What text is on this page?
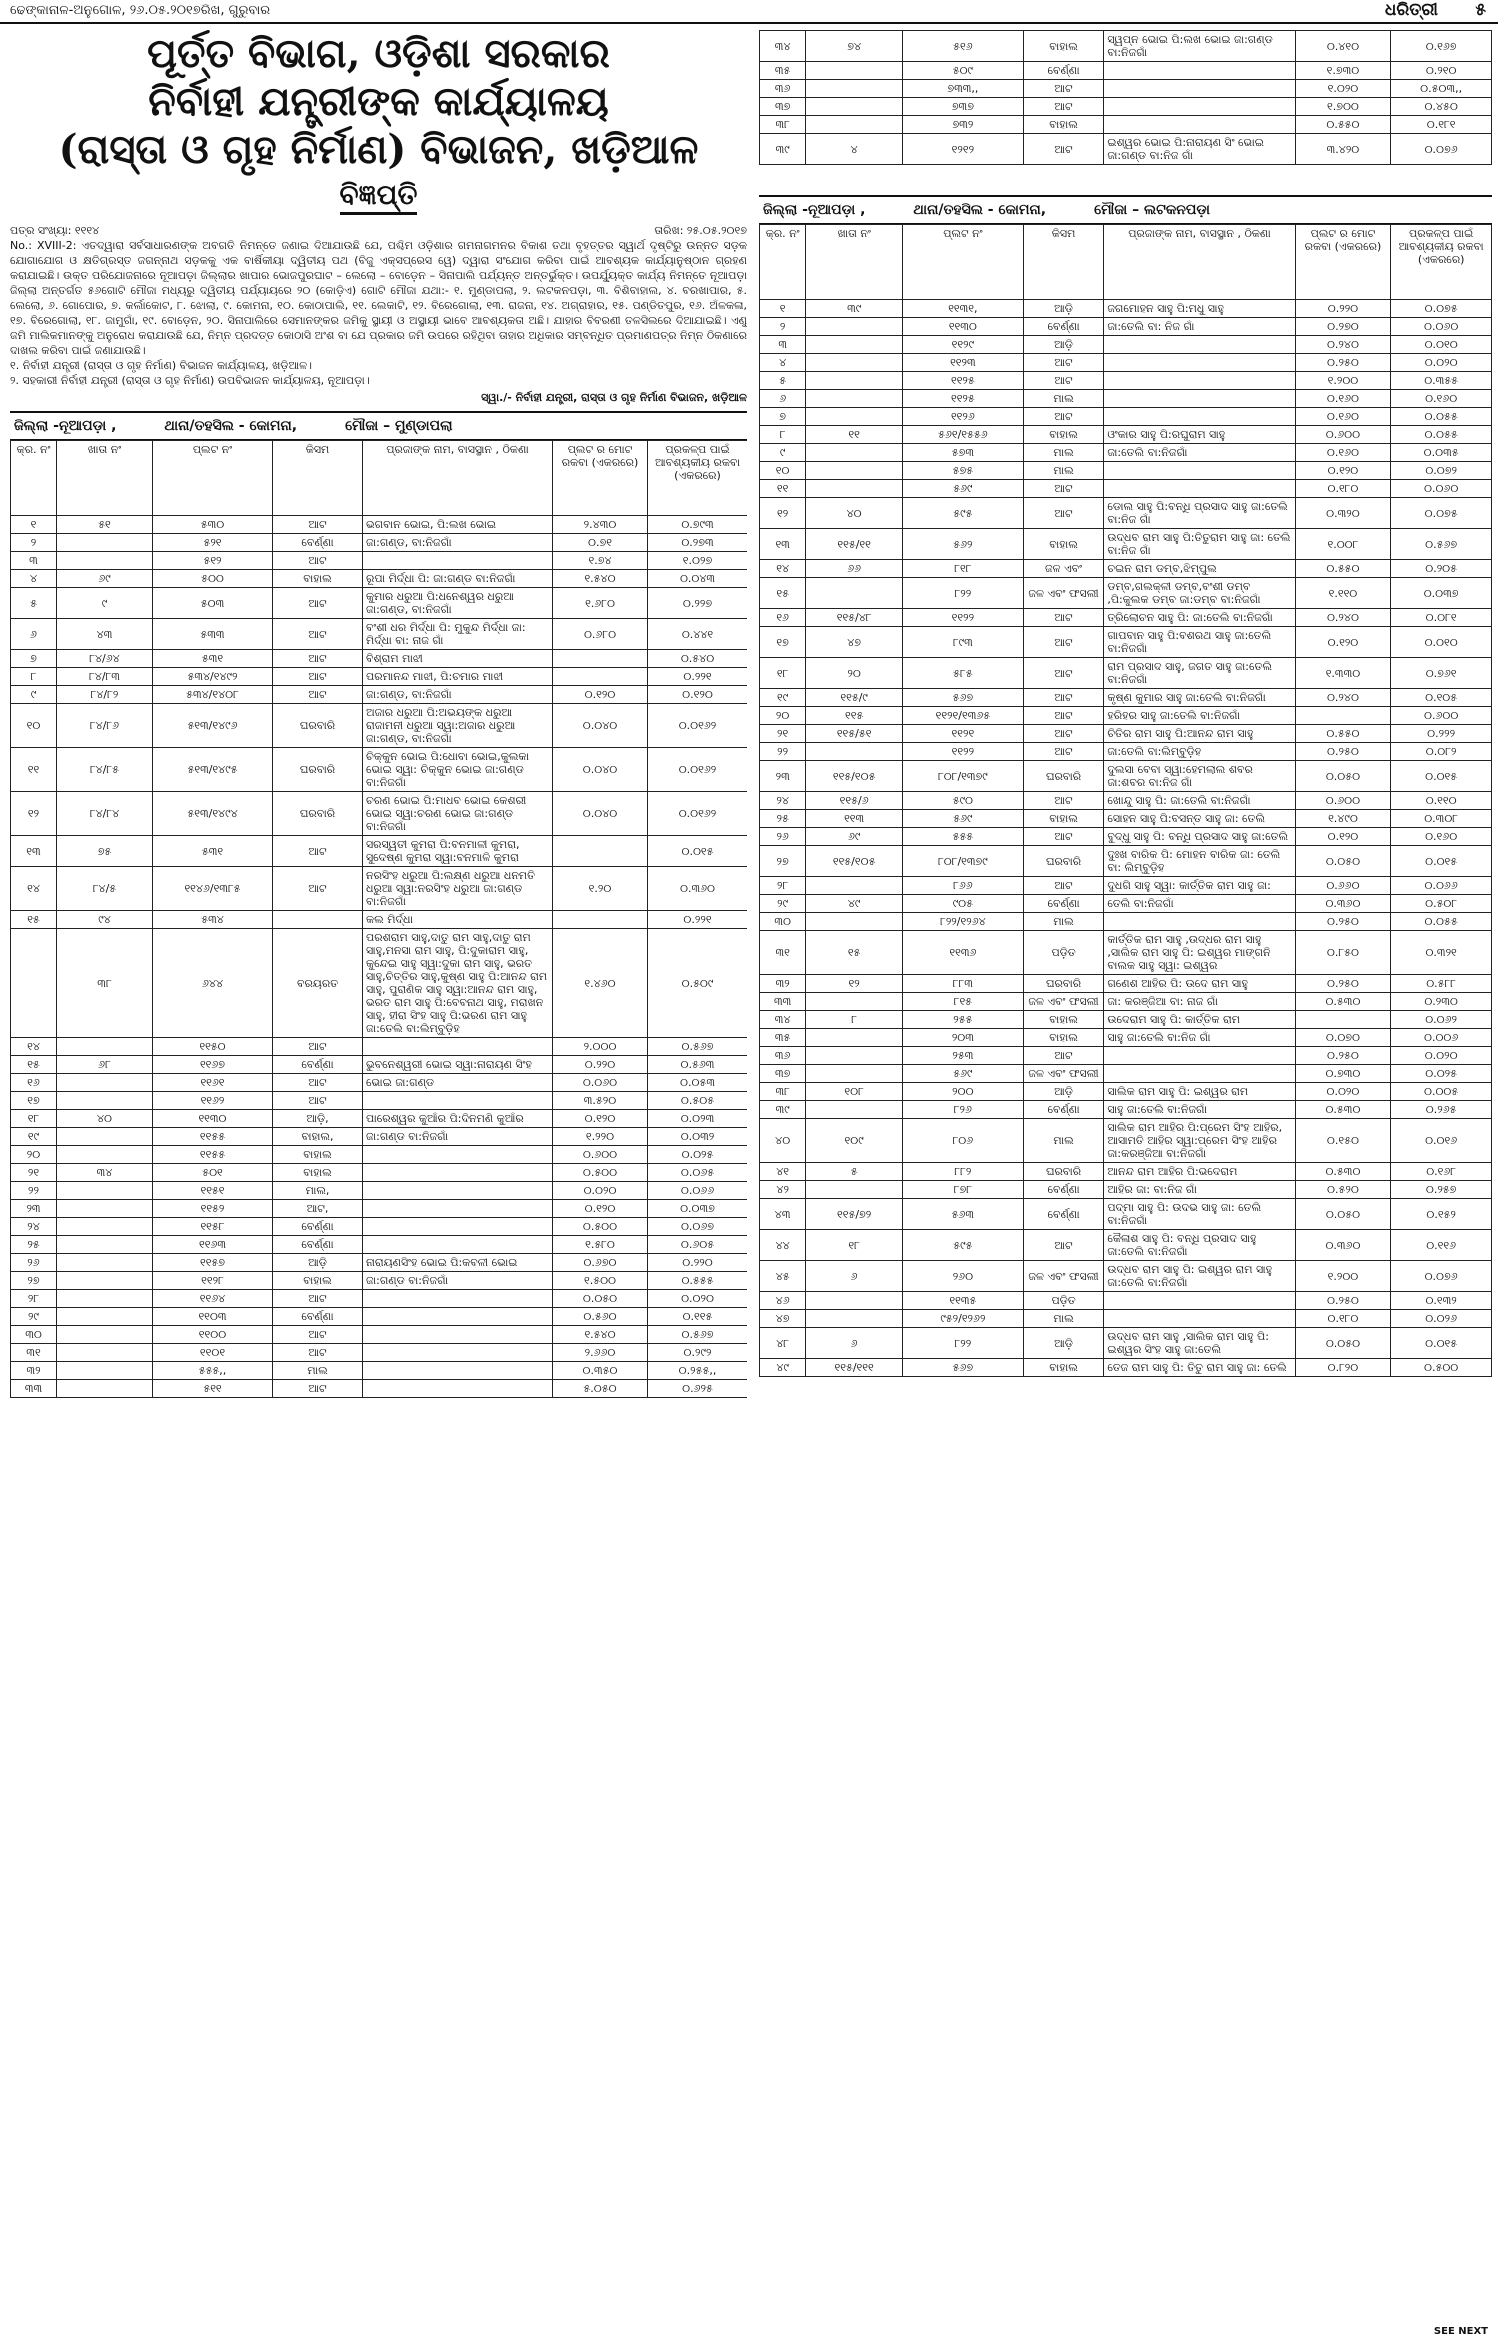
ଢେଙ୍କାନାଳ-ଅନୁଗୋଳ, ୨୬.୦୫.୨୦୧୭ରିଖ, ଗୁରୁବାର	ଧରିତ୍ରୀ ୫
ପୂର୍ତ୍ତ ବିଭାଗ, ଓଡ଼ିଶା ସରକାର
ନିର୍ବାହୀ ଯନ୍ତ୍ରୀଙ୍କ କାର୍ଯ୍ୟାଳୟ
(ରାସ୍ତା ଓ ଗୃହ ନିର୍ମାଣ) ବିଭାଜନ, ଖଡ଼ିଆଳ
ବିଜ୍ଞପ୍ତି
ପତ୍ର ସଂଖ୍ୟା: ୧୧୧୪	ତାରିଖ: ୨୫.୦୫.୨୦୧୭
No.: XVIII-2: ଏତଦ୍ୱାରା ସର୍ବସାଧାରଣଙ୍କ ଅବଗତି ନିମନ୍ତେ ଜଣାଇ ଦିଆଯାଉଛି ଯେ, ପଶ୍ଚିମ ଓଡ଼ିଶାର ଗମନାଗମନର ବିକାଶ ତଥା ବୃହତ୍ତର ସ୍ୱାର୍ଥ ଦୃଷ୍ଟିରୁ ଉନ୍ନତ ସଡ଼କ ଯୋଗାଯୋଗ ଓ କ୍ଷତିଗ୍ରସ୍ତ ଜଗନ୍ନାଥ ସଡ଼କକୁ ଏକ ବାର୍ଷିକୀୟା ଦ୍ୱିତୀୟ ପଥ (ବିଜୁ ଏକ୍ସପ୍ରେସ ୱେ) ଦ୍ୱାରା ସଂଯୋଗ କରିବା ପାଇଁ ଆବଶ୍ୟକ କାର୍ଯ୍ୟାନୁଷ୍ଠାନ ଗ୍ରହଣ କରାଯାଇଛି। ଉକ୍ତ ପରିଯୋଜନାରେ ନୂଆପଡ଼ା ଜିଲ୍ଲାର ଖାପାର ଭୋଜପୁରଘାଟ – ଲେଲୋ – ବୋଡ଼େନ – ସିନାପାଲି ପର୍ଯ୍ୟନ୍ତ ଅନ୍ତର୍ଭୁକ୍ତ। ଉପର୍ଯ୍ୟୁକ୍ତ କାର୍ଯ୍ୟ ନିମନ୍ତେ ନୂଆପଡ଼ା ଜିଲ୍ଲା ଅନ୍ତର୍ଗତ ୫୬ଗୋଟି ମୌଜା ମଧ୍ୟରୁ ଦ୍ୱିତୀୟ ପର୍ଯ୍ୟାୟରେ ୨୦ (କୋଡ଼ିଏ) ଗୋଟି ମୌଜା ଯଥା:- ୧. ମୁଣ୍ଡାପଲା, ୨. ଲଟକନପଡ଼ା, ୩. ବିଶିବାହାଲ, ୪. ବରଖାପାର, ୫. ଲେଲୋ, ୬. ଗୋପୋର, ୭. କର୍ଲାକୋଟ, ୮. ଝୋଲା, ୯. କୋମନା, ୧୦. କୋଠାପାଲି, ୧୧. ଲେକାଟି, ୧୨. ବିରେଗୋଲା, ୧୩. ରାଜନା, ୧୪. ଅଗ୍ରାହାର, ୧୫. ପଣ୍ଡିତପୁର, ୧୬. ଅଁଳକଳା, ୧୭. ବିରେଗୋଲା, ୧୮. ଜାମୁଗାଁ, ୧୯. ବୋଡ଼େନ, ୨୦. ସିନାପାଲିରେ ସେମାନଙ୍କର ଜମିକୁ ସ୍ଥାୟୀ ଓ ଅସ୍ଥାୟୀ ଭାବେ ଆବଶ୍ୟକତା ଅଛି। ଯାହାର ବିବରଣୀ ତଳସିଲରେ ଦିଆଯାଇଛି। ଏଣୁ ଜମି ମାଲିକମାନଙ୍କୁ ଅନୁରୋଧ କରାଯାଉଛି ଯେ, ନିମ୍ନ ପ୍ରଦତ୍ତ କୋଠାସି ଅଂଶ ବା ଯେ ପ୍ରକାର ଜମି ଉପରେ ରହିଥିବା ତାହାର ଅଧିକାର ସମ୍ବନ୍ଧିତ ପ୍ରମାଣପତ୍ର ନିମ୍ନ ଠିକଣାରେ ଦାଖଲ କରିବା ପାଇଁ ଜଣାଯାଉଛି।
୧. ନିର୍ବାହୀ ଯନ୍ତ୍ରୀ (ରାସ୍ତା ଓ ଗୃହ ନିର୍ମାଣ) ବିଭାଜନ କାର୍ଯ୍ୟାଳୟ, ଖଡ଼ିଆଳ।
୨. ସହକାରୀ ନିର୍ବାହୀ ଯନ୍ତ୍ରୀ (ରାସ୍ତା ଓ ଗୃହ ନିର୍ମାଣ) ଉପବିଭାଜନ କାର୍ଯ୍ୟାଳୟ, ନୂଆପଡ଼ା।
ସ୍ୱା./- ନିର୍ବାହୀ ଯନ୍ତ୍ରୀ, ରାସ୍ତା ଓ ଗୃହ ନିର୍ମାଣ ବିଭାଜନ, ଖଡ଼ିଆଳ
ଜିଲ୍ଲା -ନୂଆପଡ଼ା ,	ଥାନା/ତହସିଲ - କୋମନା,	ମୌଜା – ମୁଣ୍ଡାପଲା
କ୍ର. ନଂ	ଖାତା ନଂ	ପ୍ଲଟ ନଂ	କିସମ	ପ୍ରଜାଙ୍କ ନାମ, ବାସସ୍ଥାନ , ଠିକଣା	ପ୍ଲଟ ର ମୋଟ ରକବା (ଏକରରେ)	ପ୍ରକଳ୍ପ ପାଇଁ ଆବଶ୍ୟକୀୟ ରକବା (ଏକରରେ)
୧	୫୧	୫୩୦	ଆଟ	ଭଗବାନ ଭୋଇ, ପି:ଲଖ ଭୋଇ	୨.୪୩୦	୦.୭୯୩
୨		୫୨୧	ବେର୍ଣ୍ଣା	ଜା:ଗଣ୍ଡ, ବା:ନିଜଗାଁ	୦.୭୧	୦.୨୭୩
୩		୫୧୨	ଆଟ		୧.୭୪	୧.୦୨୭
୪	୬୯	୫୦୦	ବାହାଲ	ରୂପା ମିର୍ଦ୍ଧା ପି: ଜା:ଗଣ୍ଡ ବା:ନିଜଗାଁ	୧.୫୪୦	୦.୦୪୩
୫	୯	୫୦୩	ଆଟ	କୁମାର ଧରୁଆ ପି:ଧନେଶ୍ୱର ଧରୁଆ ଜା:ଗଣ୍ଡ, ବା:ନିଜଗାଁ	୧.୬୮୦	୦.୨୨୭
୬	୪୩	୫୩୩	ଆଟ	ବଂଶୀ ଧର ମିର୍ଦ୍ଧା ପି: ମୁକୁନ୍ଦ ମିର୍ଦ୍ଧା ଜା: ମିର୍ଦ୍ଧା ବା: ନାଜ ଗାଁ	୦.୬୮୦	୦.୪୪୧
୭	୮୪/୬୪	୫୩୧	ଆଟ	ବିଶ୍ରାମ ମାଝୀ		୦.୫୪୦
୮	୮୪/୮୩	୫୩୪/୧୪୯୨	ଆଟ	ପରମାନନ୍ଦ ମାଝୀ, ପି:ଚମାର ମାଝୀ		୦.୨୨୧
୯	୮୪/୮୨	୫୩୪/୧୪୦୮	ଆଟ	ଜା:ଗଣ୍ଡ, ବା:ନିଜଗାଁ	୦.୧୨୦	୦.୧୨୦
୧୦	୮୪/୮୬	୫୧୩/୧୪୯୬	ଘରବାରି	ଅଜାର ଧରୁଆ ପି:ଅଭୟଙ୍କ ଧରୁଆ ରାଜାମନୀ ଧରୁଆ ସ୍ୱା:ଅଜାର ଧରୁଆ ଜା:ଗଣ୍ଡ, ବା:ନିଜଗାଁ	୦.୦୪୦	୦.୦୧୬୨
୧୧	୮୪/୮୫	୫୧୩/୧୪୯୫	ଘରବାରି	ଚିକ୍କୁନ ଭୋଇ ପି:ଧୋବା ଭୋଇ,କୁଲକା ଭୋଇ ସ୍ୱା: ଚିକ୍କୁନ ଭୋଇ ଜା:ଗଣ୍ଡ ବା:ନିଜଗାଁ	୦.୦୪୦	୦.୦୧୬୨
୧୨	୮୪/୮୪	୫୧୩/୧୪୯୪	ଘରବାରି	ଚରଣ ଭୋଇ ପି:ମାଧବ ଭୋଇ କେଶରୀ ଭୋଇ ସ୍ୱା:ଚରଣ ଭୋଇ ଜା:ଗଣ୍ଡ ବା:ନିଜଗାଁ	୦.୦୪୦	୦.୦୧୬୨
୧୩	୭୫	୫୩୧	ଆଟ	ସରସ୍ୱତୀ କୁମରା ପି:ବନମାଳୀ କୁମରା, ସୁଦେଷ୍ଣ କୁମରା ସ୍ୱା:ବନମାଳି କୁମରା		୦.୦୧୫
୧୪	୮୪/୫	୧୧୪୬/୧୩୮୫	ଆଟ	ନରସିଂହ ଧରୁଆ ପି:ଲକ୍ଷ୍ଣ ଧରୁଆ ଧନମତି ଧରୁଆ ସ୍ୱା:ନରସିଂହ ଧରୁଆ ଜା:ଗଣ୍ଡ ବା:ନିଜଗାଁ	୧.୨୦	୦.୩୬୦
୧୫	୯୪	୫୩୪		କଲ ମିର୍ଦ୍ଧା		୦.୨୨୧
	୩୮	୬୪୪	ବରୟରତ	ପରଶରାମ ସାହୁ,ଦାତୁ ରାମ ସାହୁ,ଦାତୁ ରାମ ସାହୁ,ମନସା ରାମ ସାହୁ, ପି:ଦୁକାରାମ ସାହୁ, କୁନ୍ଦେଇ ସାହୁ ସ୍ୱା:ଦୁକା ରାମ ସାହୁ, ଭରତ ସାହୁ,ଚିତ୍ତିର ସାହୁ,କୁଷ୍ଣ ସାହୁ ପି:ଆନନ୍ଦ ରାମ ସାହୁ, ପୁରାଣିକ ସାହୁ ସ୍ୱା:ଆନନ୍ଦ ରାମ ସାହୁ, ଭରତ ରାମ ସାହୁ ପି:ବେବନାଥ ସାହୁ, ମରାଖନ ସାହୁ, ହୀରା ସିଂହ ସାହୁ ପି:ଭରଣ ରାମ ସାହୁ ଜା:ତେଲି ବା:ଲିମ୍ବୁଡ଼ିହ	୧.୪୬୦	୦.୫୦୯
୧୪		୧୧୫୦	ଆଟ		୨.୦୦୦	୦.୫୬୭
୧୫	୬୮	୧୧୬୭	ବେର୍ଣ୍ଣା	ଭୁବନେଶ୍ୱରୀ ଭୋଇ ସ୍ୱା:ନାରାୟଣ ସିଂହ	୦.୨୨୦	୦.୫୬୩
୧୬		୧୧୬୧	ଆଟ	ଭୋଇ ଜା:ଗଣ୍ଡ	୦.୦୬୦	୦.୦୫୩
୧୭		୧୧୬୨	ଆଟ		୩.୫୨୦	୦.୫୦୫
୧୮	୪୦	୧୧୩୦	ଆଡ଼ି,	ପାରେଶ୍ୱର କୁଆଁର ପି:ଦିନମଣି କୁଆଁର	୦.୧୨୦	୦.୦୨୩
୧୯		୧୧୫୫	ବାହାଲ,	ଜା:ଗଣ୍ଡ ବା:ନିଜଗାଁ	୧.୨୨୦	୦.୦୩୨
୨୦		୧୧୫୫	ବାହାଲ		୦.୬୦୦	୦.୦୨୫
୨୧	୩୪	୫୦୧	ବାହାଲ		୦.୫୦୦	୦.୦୬୫
୨୨		୧୧୫୧	ମାଲ,		୦.୦୨୦	୦.୦୬୬
୨୩		୧୧୫୨	ଆଟ,		୦.୧୨୦	୦.୦୩୭
୨୪		୧୧୫୮	ବେର୍ଣ୍ଣା		୦.୫୦୦	୦.୦୬୭
୨୫		୧୧୬୩	ବେର୍ଣ୍ଣା		୧.୫୮୦	୦.୬୦୫
୨୬		୧୧୫୭	ଆଡ଼ି	ନାରାୟଣସିଂହ ଭୋଇ ପି:କବଳୀ ଭୋଇ	୦.୬୭୦	୦.୨୨୦
୨୭		୧୧୨୮	ବାହାଲ	ଜା:ଗଣ୍ଡ ବା:ନିଜଗାଁ	୧.୫୦୦	୦.୫୫୫
୨୮		୧୧୬୪	ଆଟ		୦.୦୫୦	୦.୦୨୦
୨୯		୧୧୦୩	ବେର୍ଣ୍ଣା		୦.୫୬୦	୦.୧୧୫
୩୦		୧୧୦୦	ଆଟ		୧.୫୪୦	୦.୫୬୭
୩୧		୧୧୦୧	ଆଟ		୨.୬୬୦	୦.୨୯୨
୩୨		୫୫୫,,	ମାଲ		୦.୩୫୦	୦.୨୫୫,,
୩୩		୫୧୧	ଆଟ		୫.୦୫୦	୦.୬୨୫
୩୪	୭୪	୫୧୬	ବାହାଲ	ସ୍ୱପ୍ନ ଭୋଇ ପି:ଲଖ ଭୋଇ ଜା:ଗଣ୍ଡ ବା:ନିଜଗାଁ	୦.୪୧୦	୦.୧୬୭
୩୫		୫୦୯	ବେର୍ଣ୍ଣା		୧.୭୩୦	୦.୨୧୦
୩୬		୭୩୩,,	ଆଟ		୧.୦୨୦	୦.୫୦୩,,
୩୭		୭୩୭	ଆଟ		୧.୭୦୦	୦.୪୫୦
୩୮		୭୩୨	ବାହାଲ		୦.୫୫୦	୦.୧୮୧
୩୯	୪	୧୨୧୨	ଆଟ	ଇଶ୍ୱର ଭୋଇ ପି:ନାରାୟଣ ସିଂ ଭୋଇ ଜା:ଗଣ୍ଡ ବା:ନିଜ ଗାଁ	୩.୪୨୦	୦.୦୭୬
ଜିଲ୍ଲା -ନୂଆପଡ଼ା ,	ଥାନା/ତହସିଲ - କୋମନା,	ମୌଜା – ଲଟକନପଡ଼ା
କ୍ର. ନଂ	ଖାତା ନଂ	ପ୍ଲଟ ନଂ	କିସମ	ପ୍ରଜାଙ୍କ ନାମ, ବାସସ୍ଥାନ , ଠିକଣା	ପ୍ଲଟ ର ମୋଟ ରକବା (ଏକରରେ)	ପ୍ରକଳ୍ପ ପାଇଁ ଆବଶ୍ୟକୀୟ ରକବା (ଏକରରେ)
୧	୩୯	୧୧୩୧,	ଆଡ଼ି	ଜଗମୋହନ ସାହୁ ପି:ମଧୁ ସାହୁ	୦.୨୨୦	୦.୦୭୫
୨		୧୧୩୦	ବେର୍ଣ୍ଣା	ଜା:ତେଲି ବା: ନିଜ ଗାଁ	୦.୨୭୦	୦.୦୬୦
୩		୧୧୨୯	ଆଡ଼ି		୦.୨୪୦	୦.୦୧୦
୪		୧୧୨୩	ଆଟ		୦.୨୫୦	୦.୦୨୦
୫		୧୧୨୫	ଆଟ		୧.୨୦୦	୦.୩୫୫
୬		୧୧୨୫	ମାଲ		୦.୧୬୦	୦.୧୬୦
୭		୧୧୨୬	ଆଟ		୦.୧୬୦	୦.୦୫୫
୮	୧୧	୫୬୧/୧୫୫୬	ବାହାଲ	ଓଂକାର ସାହୁ ପି:ରଘୁରାମ ସାହୁ	୦.୬୦୦	୦.୦୫୫
୯		୫୭୩	ମାଲ	ଜା:ତେଲି ବା:ନିଜଗାଁ	୦.୧୬୦	୦.୦୩୫
୧୦		୫୭୫	ମାଲ		୦.୧୨୦	୦.୦୭୨
୧୧		୫୬୯	ଆଟ		୦.୧୮୦	୦.୦୬୦
୧୨	୪୦	୫୯୫	ଆଟ	ଡୋଲ ସାହୁ ପି:ବନ୍ଧି ପ୍ରସାଦ ସାହୁ ଜା:ତେଲି ବା:ନିଜ ଗାଁ	୦.୩୨୦	୦.୦୭୫
୧୩	୧୧୫/୧୧	୫୬୨	ବାହାଲ	ଉଦ୍ଧବ ରାମ ସାହୁ ପି:ତିତୁରାମ ସାହୁ ଜା: ତେଲି ବା:ନିଜ ଗାଁ	୧.୦୦୮	୦.୫୬୭
୧୪	୬୬	୮୧୮	ଜଳ ଏବଂ	ଚଇନ ରାମ ଡମ୍ବ,ଝିମ୍ପୁଲ	୦.୫୫୦	୦.୨୦୫
୧୫		୮୨୨	ଜଳ ଏବଂ ଫସଲୀ	ଡମ୍ବ,ଗଲକ୍ଳୀ ଡମ୍ବ,ବଂଶୀ ଡମ୍ବ ,ପି:କୁଲକ ଡମ୍ବ ଜା:ଡମ୍ବ ବା:ନିଜଗାଁ	୧.୧୧୦	୦.୦୩୭
୧୬	୧୧୫/୪୮	୧୧୨୨	ଆଟ	ତ୍ରିଲୋଚନ ସାହୁ ପି: ଜା:ତେଲି ବା:ନିଜଗାଁ	୦.୨୪୦	୦.୦୮୧
୧୭	୪୭	୮୯୩	ଆଟ	ଗାପବାନ ସାହୁ ପି:ବଶରଥ ସାହୁ ଜା:ତେଲି ବା:ନିଜଗାଁ	୦.୧୨୦	୦.୦୧୦
୧୮	୨୦	୫୮୫	ଆଟ	ରାମ ପ୍ରସାଦ ସାହୁ, ଜଗତ ସାହୁ ଜା:ତେଲି ବା:ନିଜଗାଁ	୧.୩୩୦	୦.୭୬୧
୧୯	୧୧୫/୯	୫୬୭	ଆଟ	କୃଷ୍ଣ କୁମାର ସାହୁ ଜା:ତେଲି ବା:ନିଜଗାଁ	୦.୨୪୦	୦.୧୦୫
୨୦	୧୧୫	୧୧୨୧/୧୩୬୫	ଆଟ	ହରିହର ସାହୁ ଜା:ତେଲି ବା:ନିଜଗାଁ		୦.୬୦୦
୨୧	୧୧୫/୫୧	୧୧୨୧	ଆଟ	ଚିତିର ରାମ ସାହୁ ପି:ଆନନ୍ଦ ରାମ ସାହୁ	୦.୫୫୦	୦.୨୨୨
୨୨		୧୧୨୨	ଆଟ	ଜା:ତେଲି ବା:ଲିମ୍ବୁଡ଼ିହ	୦.୨୫୦	୦.୦୮୨
୨୩	୧୧୫/୧୦୫	୮୦୮/୧୩୭୯	ଘରବାରି	ଦୁଲସା ବେବା ସ୍ୱା:ହେମଲାଲ ଶବର ଜା:ଶବର ବା:ନିଜ ଗାଁ	୦.୦୫୦	୦.୦୧୫
୨୪	୧୧୫/୬	୫୯୦	ଆଟ	ଖୋନ୍ଦୁ ସାହୁ ପି: ଜା:ତେଲି ବା:ନିଜଗାଁ	୦.୬୦୦	୦.୧୧୦
୨୫	୧୧୩	୫୬୯	ବାହାଲ	ସୋହନ ସାହୁ ପି:ବସନ୍ତ ସାହୁ ଜା: ତେଲି	୧.୪୯୦	୦.୩୦୮
୨୬	୬୯	୫୫୫	ଆଟ	ବୁଦ୍ଧୁ ସାହୁ ପି: ବନ୍ଧି ପ୍ରସାଦ ସାହୁ ଜା:ତେଲି	୦.୧୨୦	୦.୧୬୦
୨୭	୧୧୫/୧୦୫	୮୦୮/୧୩୭୯	ଘରବାରି	ଦୁଃଖ ବାରିକ ପି: ମୋହନ ବାରିକ ଜା: ତେଲି ବା: ଲିମ୍ବୁଡ଼ିହ	୦.୦୫୦	୦.୦୧୫
୨୮		୮୬୬	ଆଟ	ଦୁଧଗି ସାହୁ ସ୍ୱା: କାର୍ତ୍ତିକ ରାମ ସାହୁ ଜା:	୦.୬୬୦	୦.୦୬୬
୨୯	୪୯	୯୦୫	ବେର୍ଣ୍ଣା	ତେଲି ବା:ନିଜଗାଁ	୦.୩୬୦	୦.୫୦୮
୩୦		୮୨୨/୧୨୬୪	ମାଲ		୦.୨୫୦	୦.୦୫୫
୩୧	୧୫	୧୧୩୬	ପଡ଼ିତ	କାର୍ତ୍ତିକ ରାମ ସାହୁ ,ଉଦ୍ଧର ରାମ ସାହୁ ,ସାଲିକ ରାମ ସାହୁ ପି: ଇଶ୍ୱର ମାଙ୍ଗନି ବାଲକ ସାହୁ ସ୍ୱା: ଇଶ୍ୱର	୦.୮୫୦	୦.୩୨୧
୩୨	୧୨	୮୮୩	ଘରବାରି	ଗଣେଶ ଆହିର ପି: ଉଦେ ରାମ ସାହୁ	୦.୨୫୦	୦.୫୮୮
୩୩		୮୧୫	ଜଳ ଏବଂ ଫସଲୀ	ଜା: କରଞ୍ଜିଆ ବା: ନାଜ ଗାଁ	୦.୫୩୦	୦.୨୩୦
୩୪	୮	୨୫୫	ବାହାଲ	ଉଦେରାମ ସାହୁ ପି: କାର୍ତ୍ତିକ ରାମ		୦.୦୬୨
୩୫		୨୦୩	ବାହାଲ	ସାହୁ ଜା:ତେଲି ବା:ନିଜ ଗାଁ	୦.୦୭୦	୦.୦୦୬
୩୬		୨୫୩	ଆଟ		୦.୨୫୦	୦.୦୨୦
୩୭		୫୬୯	ଜଳ ଏବଂ ଫସଲୀ		୦.୭୩୦	୦.୦୨୫
୩୮	୧୦୮	୨୦୦	ଆଡ଼ି	ସାଲିକ ରାମ ସାହୁ ପି: ଇଶ୍ୱର ରାମ	୦.୦୨୦	୦.୦୦୫
୩୯		୮୨୬	ବେର୍ଣ୍ଣା	ସାହୁ ଜା:ତେଲି ବା:ନିଜଗାଁ	୦.୫୩୦	୦.୨୬୫
୪୦	୧୦୯	୮୦୬	ମାଲ	ସାଲିକ ରାମ ଆହିର ପି:ପ୍ରେମ ସିଂହ ଆହିର, ଆସାମତି ଆହିର ସ୍ୱା:ପ୍ରେମ ସିଂହ ଆହିର ଜା:କରଞ୍ଜିଆ ବା:ନିଜଗାଁ	୦.୧୫୦	୦.୦୧୬
୪୧	୫	୮୮୨	ଘରବାରି	ଆନନ୍ଦ ରାମ ଆହିର ପି:ଭଦେରାମ	୦.୫୩୦	୦.୧୬୮
୪୨		୮୭୮	ବେର୍ଣ୍ଣା	ଆହିର ଜା: ବା:ନିଜ ଗାଁ	୦.୫୨୦	୦.୨୫୭
୪୩	୧୧୫/୭୨	୫୬୩	ବେର୍ଣ୍ଣା	ପଦ୍ମା ସାହୁ ପି: ଉଦଭ ସାହୁ ଜା: ତେଲି ବା:ନିଜଗାଁ	୦.୦୫୦	୦.୧୫୨
୪୪	୧୮	୫୯୫	ଆଟ	କୈଳାଶ ସାହୁ ପି: ବନ୍ଧି ପ୍ରସାଦ ସାହୁ ଜା:ତେଲି ବା:ନିଜଗାଁ	୦.୩୬୦	୦.୧୧୬
୪୫	୬	୨୬୦	ଜଳ ଏବଂ ଫସଲୀ	ଉଦ୍ଧବ ରାମ ସାହୁ ପି: ଇଶ୍ୱର ରାମ ସାହୁ ଜା:ତେଲି ବା:ନିଜଗାଁ	୧.୨୦୦	୦.୦୭୬
୪୬		୧୧୩୫	ପଡ଼ିତ		୦.୨୫୦	୦.୧୩୨
୪୭		୯୫୨/୧୨୬୨	ମାଲ		୦.୧୮୦	୦.୦୨୬
୪୮	୬	୮୨୨	ଆଡ଼ି	ଉଦ୍ଧବ ରାମ ସାହୁ ,ସାଲିକ ରାମ ସାହୁ ପି: ଇଶ୍ୱର ସିଂହ ସାହୁ ଜା:ତେଲି	୦.୦୫୦	୦.୦୧୫
୪୯	୧୧୫/୧୧୧	୫୬୭	ବାହାଲ	ତେଜ ରାମ ସାହୁ ପି: ତିତୁ ରାମ ସାହୁ ଜା: ତେଲି	୦.୮୨୦	୦.୫୦୦
SEE NEXT
